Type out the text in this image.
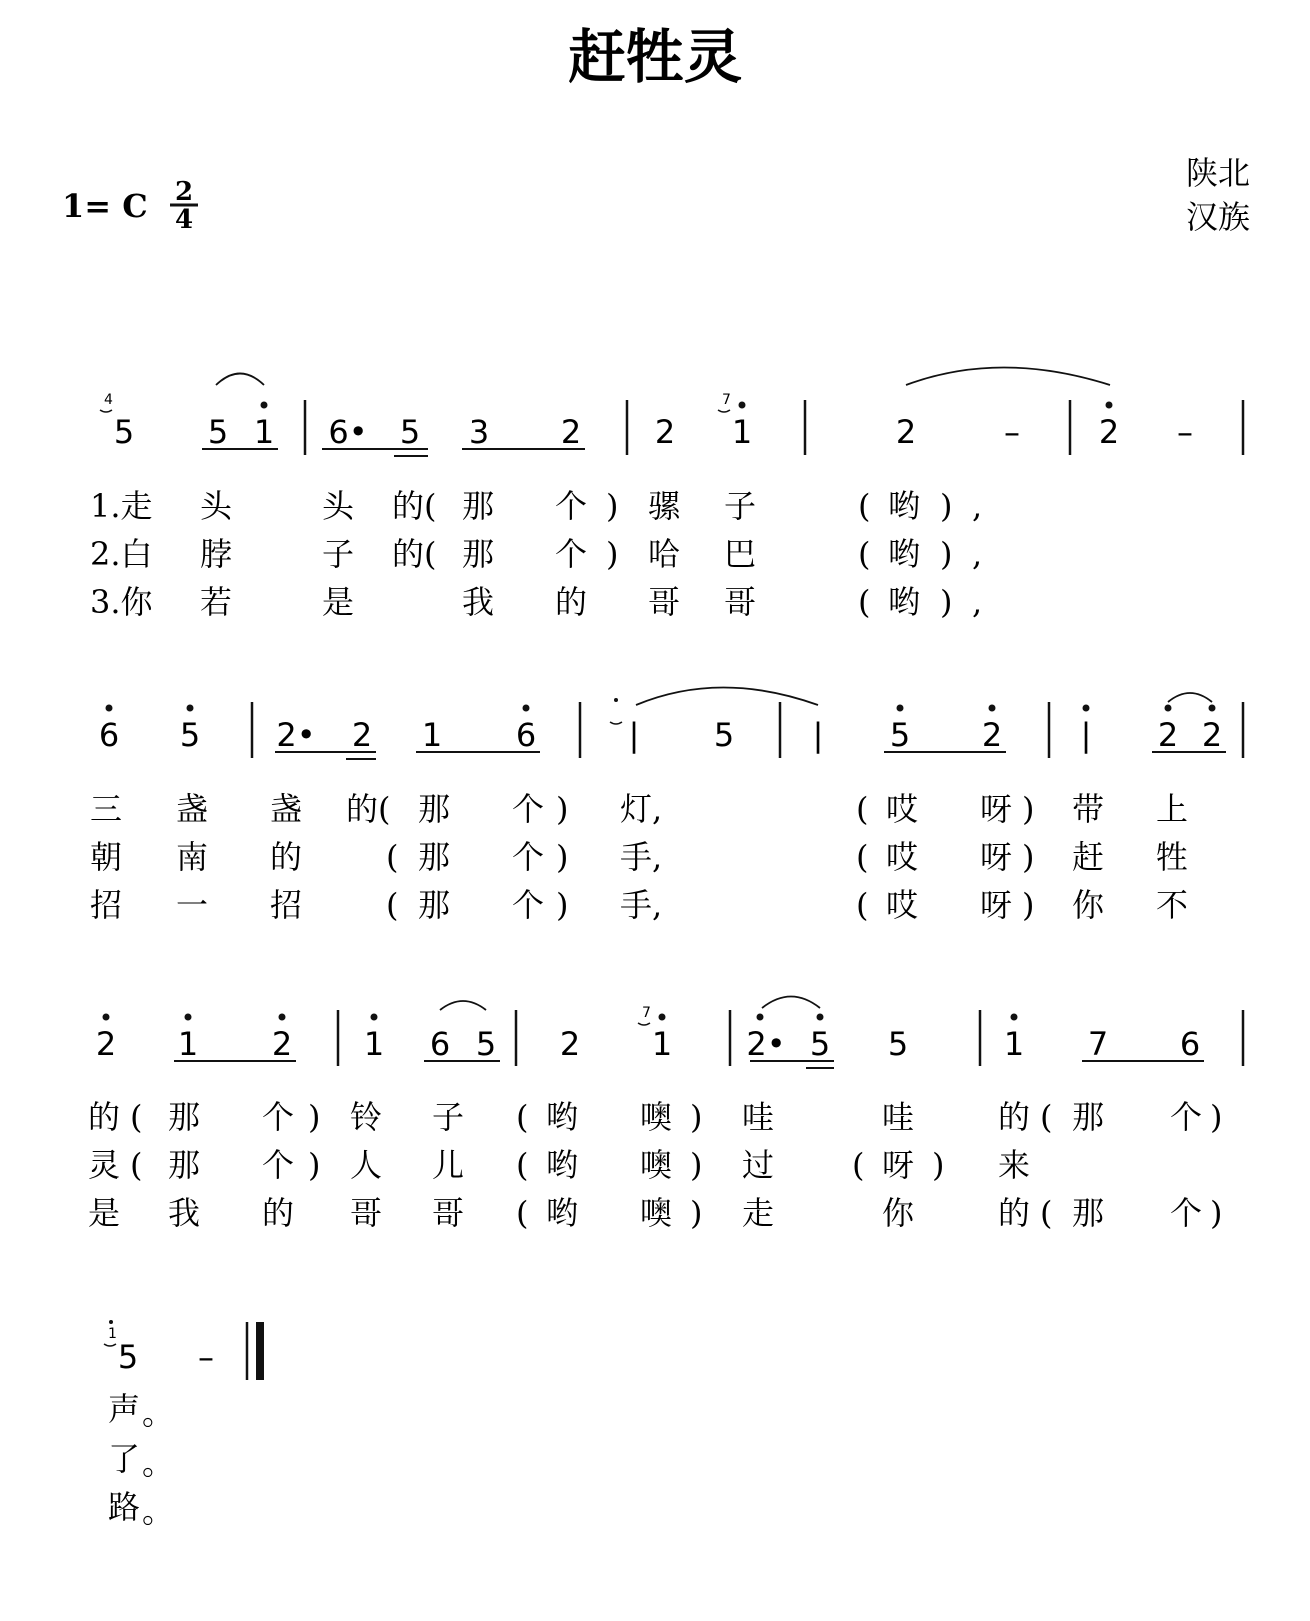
赶牲灵
1= C 2
4
陕北
汉族
4
5 5 1 6• 5 3 2 2
7
1	2	– 2 –
1.走 头	头 的( 那 个 ) 骡 子	( 哟 ) ,
2.白 脖	子 的( 那 个 ) 哈 巴	( 哟 ) ,
3.你 若	是	我 的 哥 哥	( 哟 ) ,
6 5 2• 2 1 6	| 5 | 5 2 | 2 2
三 盏 盏 的( 那 个 ) 灯,	( 哎 呀 ) 带 上
朝 南 的	( 那 个 ) 手,	( 哎 呀 ) 赶 牲
招 一 招	( 那 个 ) 手,	( 哎 呀 ) 你 不
2 1 2 1 6 5 2
7
1 2• 5 5	1 7 6
的 ( 那 个 ) 铃 子 ( 哟 噢 ) 哇	哇	的 ( 那 个 )
灵 ( 那 个 ) 人 儿 ( 哟 噢 ) 过 ( 呀 ) 来
是 我 的 哥 哥 ( 哟 噢 ) 走	你	的 ( 那 个 )
1
5 –
声 。
了 。
路 。
